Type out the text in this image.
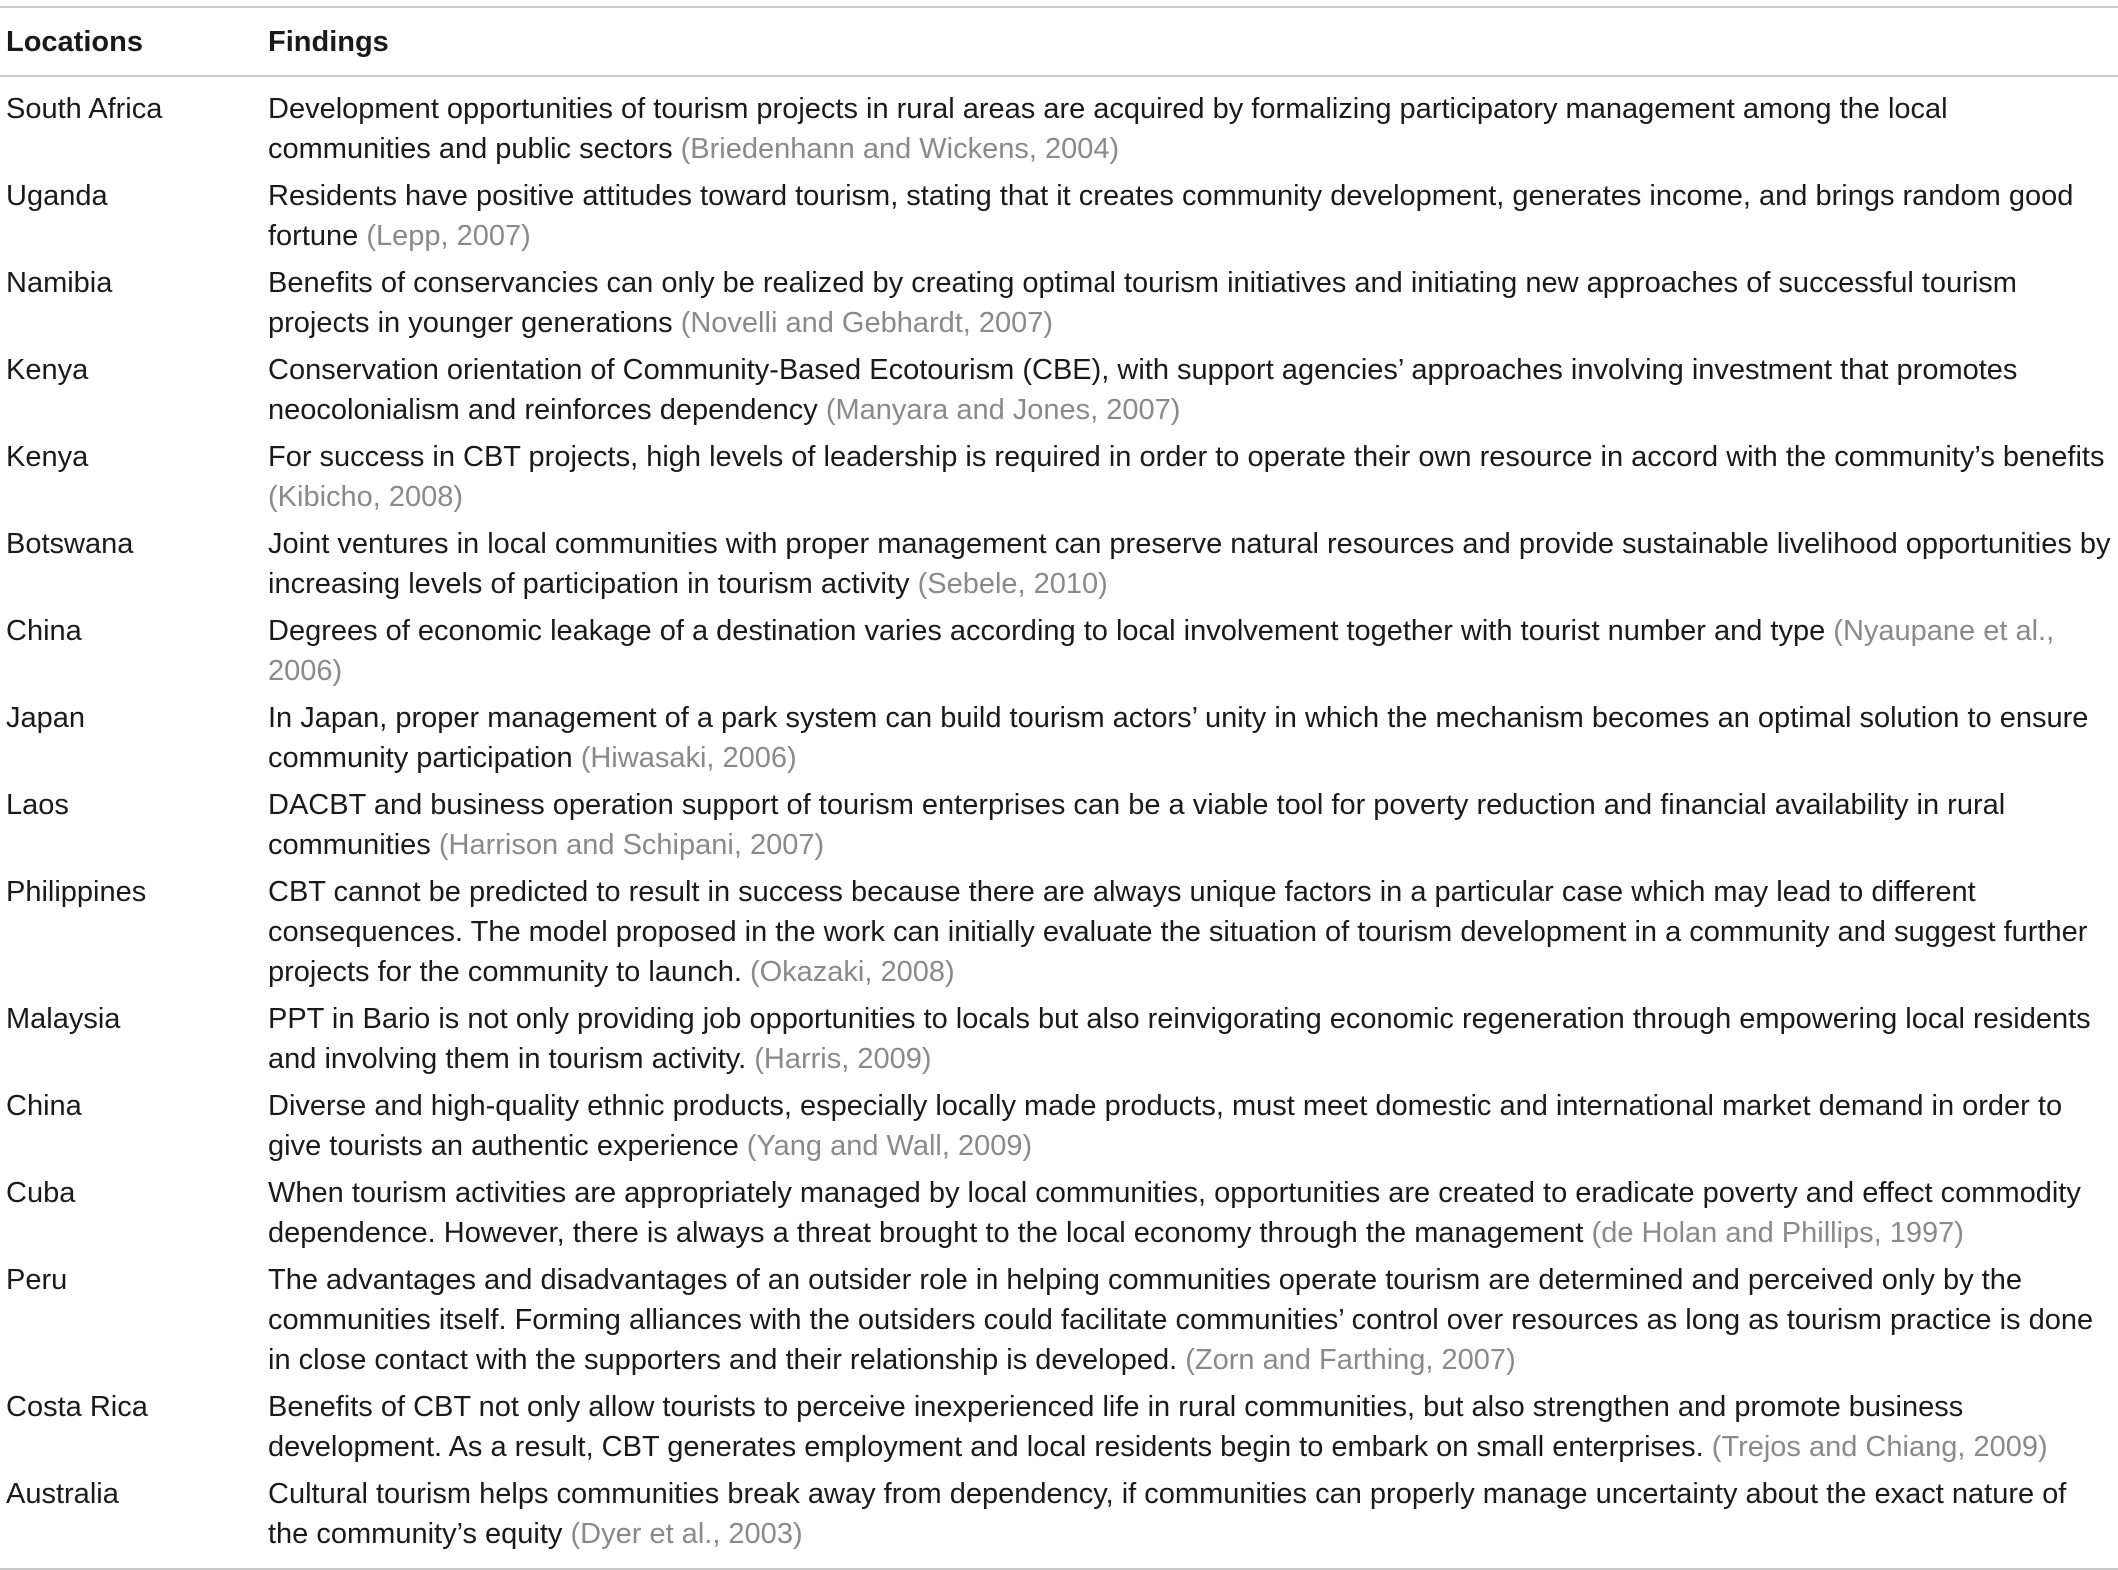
Locations	Findings
South Africa	Development opportunities of tourism projects in rural areas are acquired by formalizing participatory management among the local communities and public sectors (Briedenhann and Wickens, 2004)
Uganda	Residents have positive attitudes toward tourism, stating that it creates community development, generates income, and brings random good fortune (Lepp, 2007)
Namibia	Benefits of conservancies can only be realized by creating optimal tourism initiatives and initiating new approaches of successful tourism projects in younger generations (Novelli and Gebhardt, 2007)
Kenya	Conservation orientation of Community-Based Ecotourism (CBE), with support agencies’ approaches involving investment that promotes neocolonialism and reinforces dependency (Manyara and Jones, 2007)
Kenya	For success in CBT projects, high levels of leadership is required in order to operate their own resource in accord with the community’s benefits (Kibicho, 2008)
Botswana	Joint ventures in local communities with proper management can preserve natural resources and provide sustainable livelihood opportunities by increasing levels of participation in tourism activity (Sebele, 2010)
China	Degrees of economic leakage of a destination varies according to local involvement together with tourist number and type (Nyaupane et al., 2006)
Japan	In Japan, proper management of a park system can build tourism actors’ unity in which the mechanism becomes an optimal solution to ensure community participation (Hiwasaki, 2006)
Laos	DACBT and business operation support of tourism enterprises can be a viable tool for poverty reduction and financial availability in rural communities (Harrison and Schipani, 2007)
Philippines	CBT cannot be predicted to result in success because there are always unique factors in a particular case which may lead to different consequences. The model proposed in the work can initially evaluate the situation of tourism development in a community and suggest further projects for the community to launch. (Okazaki, 2008)
Malaysia	PPT in Bario is not only providing job opportunities to locals but also reinvigorating economic regeneration through empowering local residents and involving them in tourism activity. (Harris, 2009)
China	Diverse and high-quality ethnic products, especially locally made products, must meet domestic and international market demand in order to give tourists an authentic experience (Yang and Wall, 2009)
Cuba	When tourism activities are appropriately managed by local communities, opportunities are created to eradicate poverty and effect commodity dependence. However, there is always a threat brought to the local economy through the management (de Holan and Phillips, 1997)
Peru	The advantages and disadvantages of an outsider role in helping communities operate tourism are determined and perceived only by the communities itself. Forming alliances with the outsiders could facilitate communities’ control over resources as long as tourism practice is done in close contact with the supporters and their relationship is developed. (Zorn and Farthing, 2007)
Costa Rica	Benefits of CBT not only allow tourists to perceive inexperienced life in rural communities, but also strengthen and promote business development. As a result, CBT generates employment and local residents begin to embark on small enterprises. (Trejos and Chiang, 2009)
Australia	Cultural tourism helps communities break away from dependency, if communities can properly manage uncertainty about the exact nature of the community’s equity (Dyer et al., 2003)
